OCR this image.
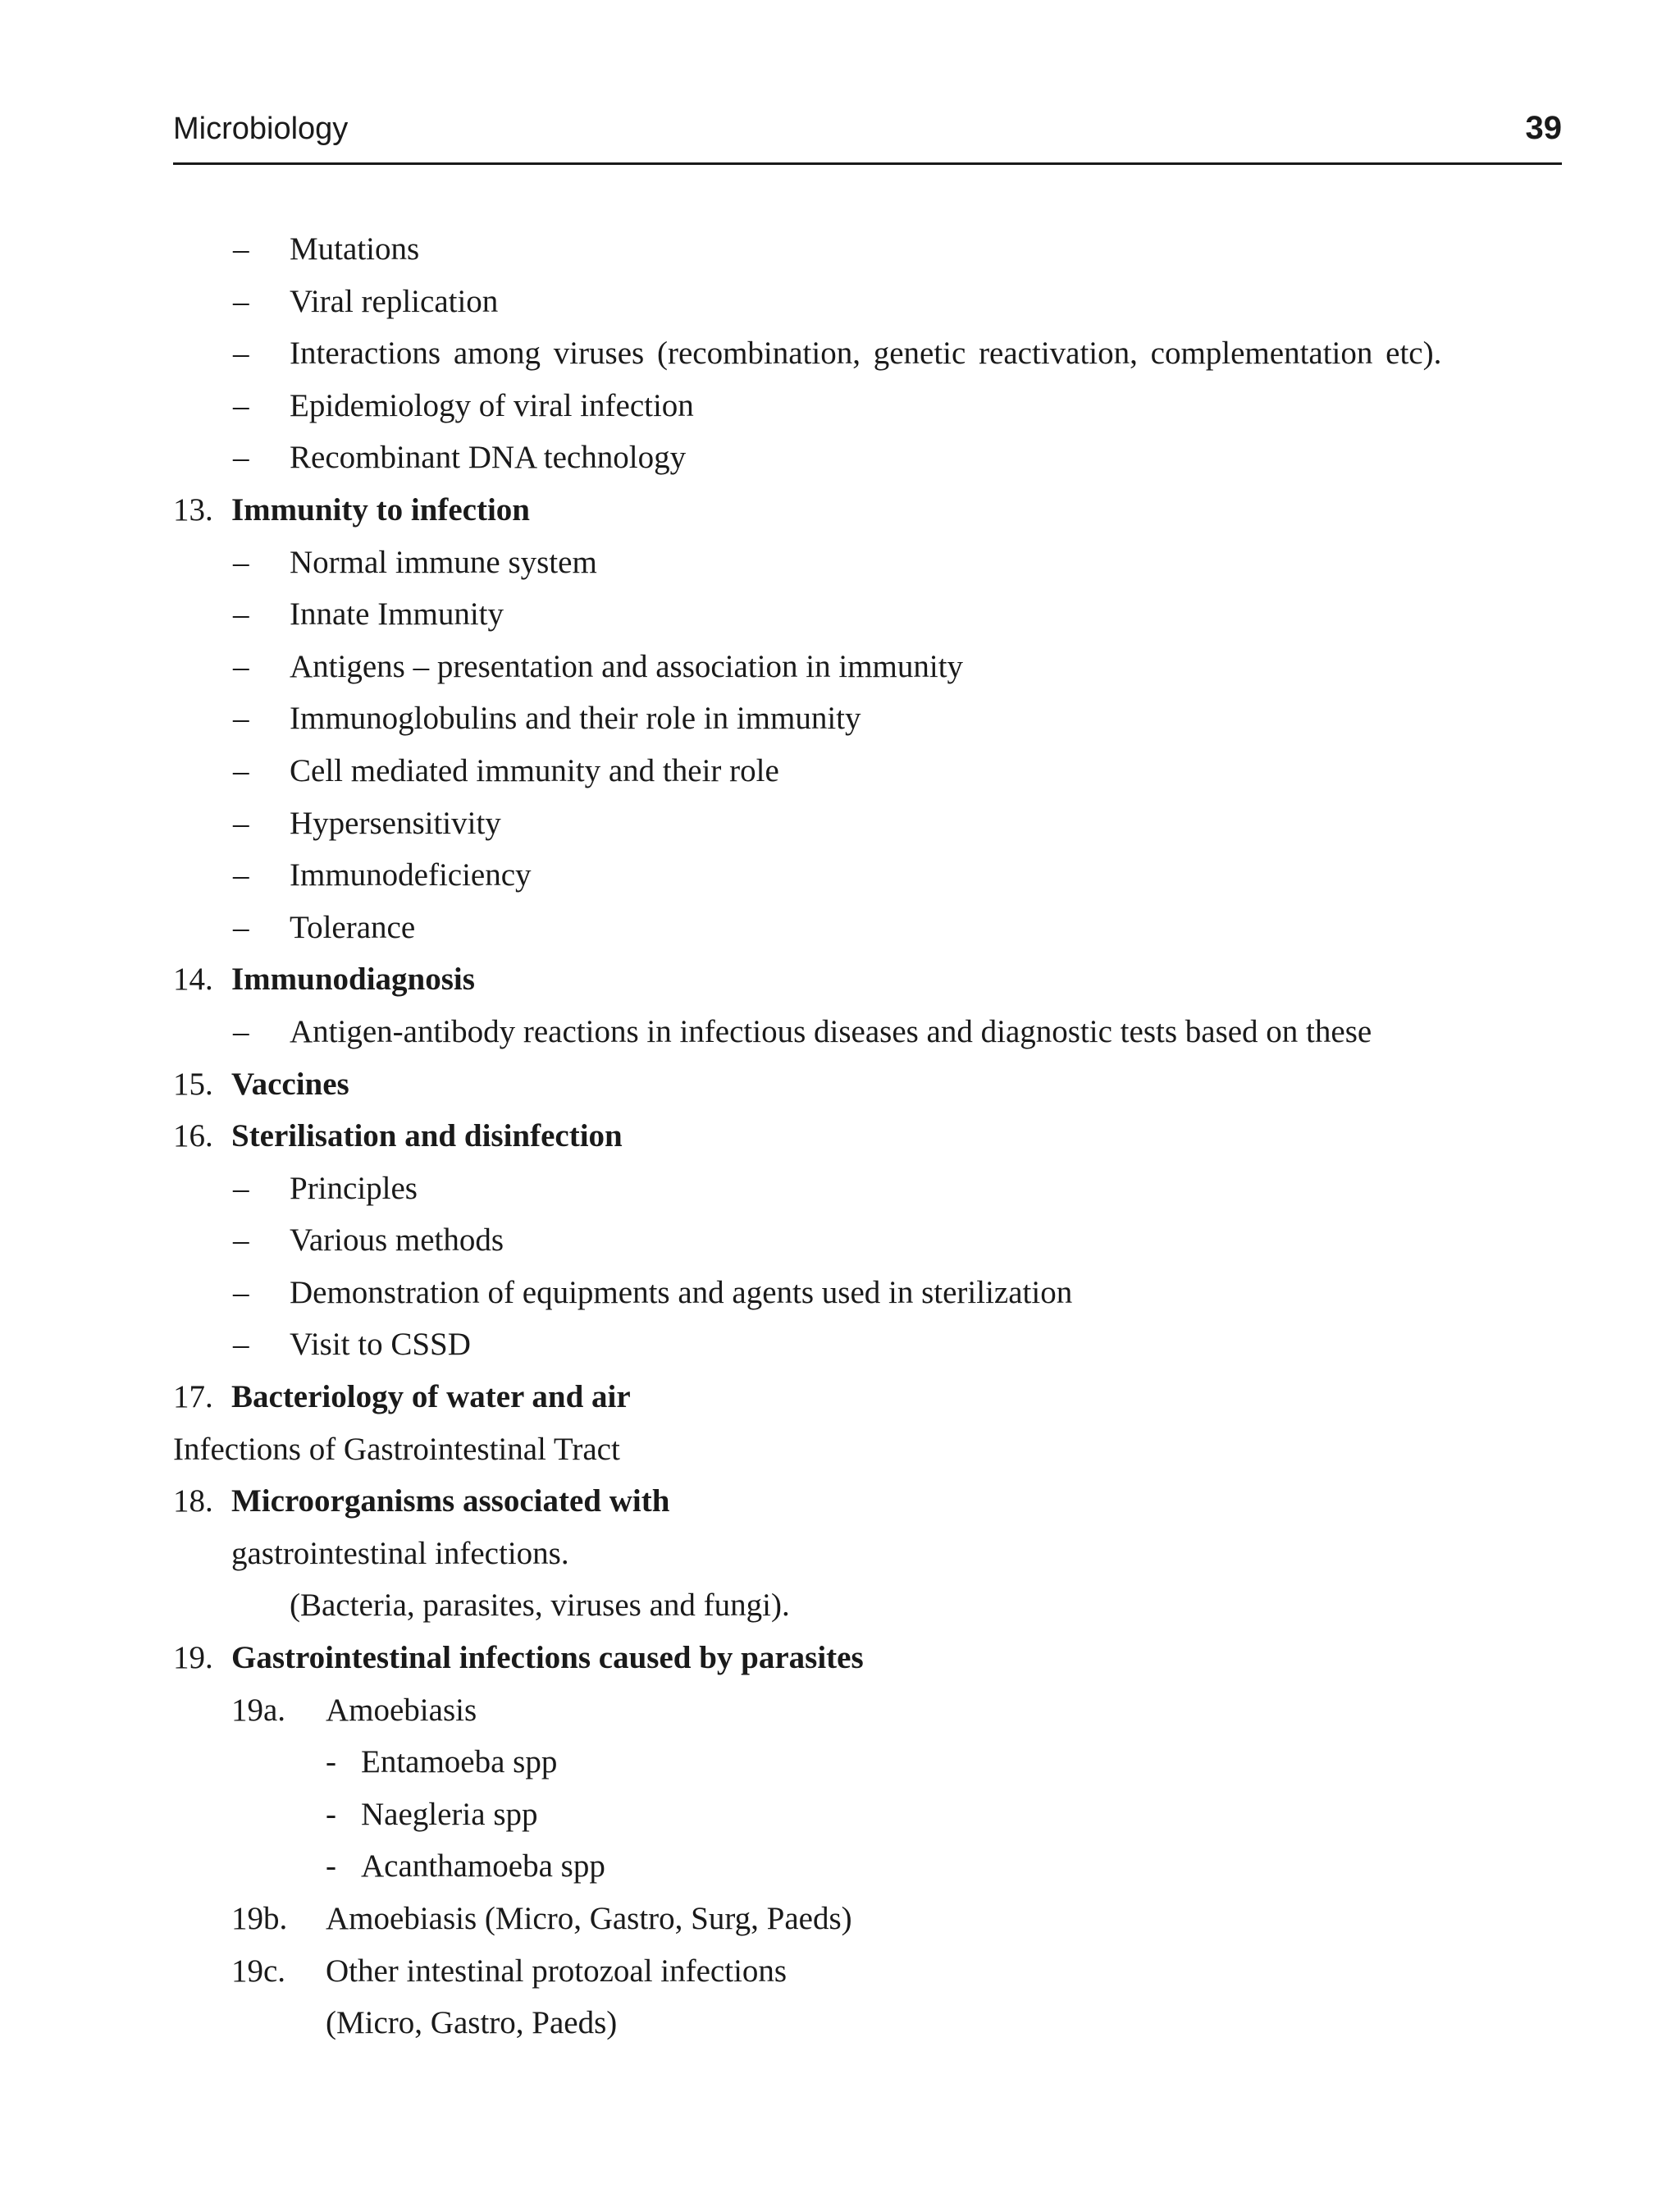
Microbiology	39
– Mutations
– Viral replication
– Interactions among viruses (recombination, genetic reactivation, complementation etc).
– Epidemiology of viral infection
– Recombinant DNA technology
13. Immunity to infection
– Normal immune system
– Innate Immunity
– Antigens – presentation and association in immunity
– Immunoglobulins and their role in immunity
– Cell mediated immunity and their role
– Hypersensitivity
– Immunodeficiency
– Tolerance
14. Immunodiagnosis
– Antigen-antibody reactions in infectious diseases and diagnostic tests based on these
15. Vaccines
16. Sterilisation and disinfection
– Principles
– Various methods
– Demonstration of equipments and agents used in sterilization
– Visit to CSSD
17. Bacteriology of water and air
Infections of Gastrointestinal Tract
18. Microorganisms associated with
gastrointestinal infections.
(Bacteria, parasites, viruses and fungi).
19. Gastrointestinal infections caused by parasites
19a. Amoebiasis
- Entamoeba spp
- Naegleria spp
- Acanthamoeba spp
19b. Amoebiasis (Micro, Gastro, Surg, Paeds)
19c. Other intestinal protozoal infections
(Micro, Gastro, Paeds)
